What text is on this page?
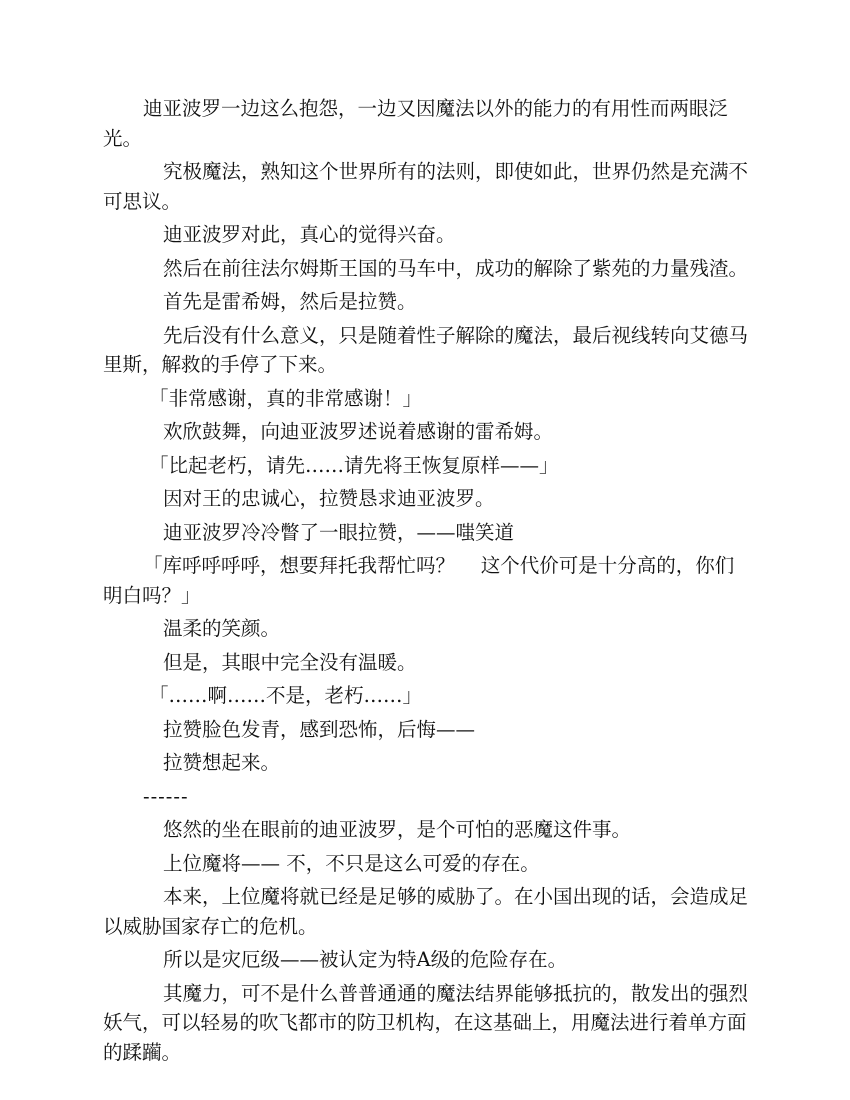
迪亚波罗一边这么抱怨，一边又因魔法以外的能力的有用性而两眼泛光。

究极魔法，熟知这个世界所有的法则，即使如此，世界仍然是充满不可思议。

迪亚波罗对此，真心的觉得兴奋。

然后在前往法尔姆斯王国的马车中，成功的解除了紫苑的力量残渣。

首先是雷希姆，然后是拉赞。

先后没有什么意义，只是随着性子解除的魔法，最后视线转向艾德马里斯，解救的手停了下来。

「非常感谢，真的非常感谢！」

欢欣鼓舞，向迪亚波罗述说着感谢的雷希姆。

「比起老朽，请先……请先将王恢复原样——」

因对王的忠诚心，拉赞恳求迪亚波罗。

迪亚波罗冷冷瞥了一眼拉赞，——嗤笑道

「库呼呼呼呼，想要拜托我帮忙吗？　 这个代价可是十分高的，你们明白吗？」

温柔的笑颜。

但是，其眼中完全没有温暖。

「……啊……不是，老朽……」

拉赞脸色发青，感到恐怖，后悔——

拉赞想起来。

------

悠然的坐在眼前的迪亚波罗，是个可怕的恶魔这件事。

上位魔将—— 不，不只是这么可爱的存在。

本来，上位魔将就已经是足够的威胁了。在小国出现的话，会造成足以威胁国家存亡的危机。

所以是灾厄级——被认定为特A级的危险存在。

其魔力，可不是什么普普通通的魔法结界能够抵抗的，散发出的强烈妖气，可以轻易的吹飞都市的防卫机构，在这基础上，用魔法进行着单方面的蹂躏。
